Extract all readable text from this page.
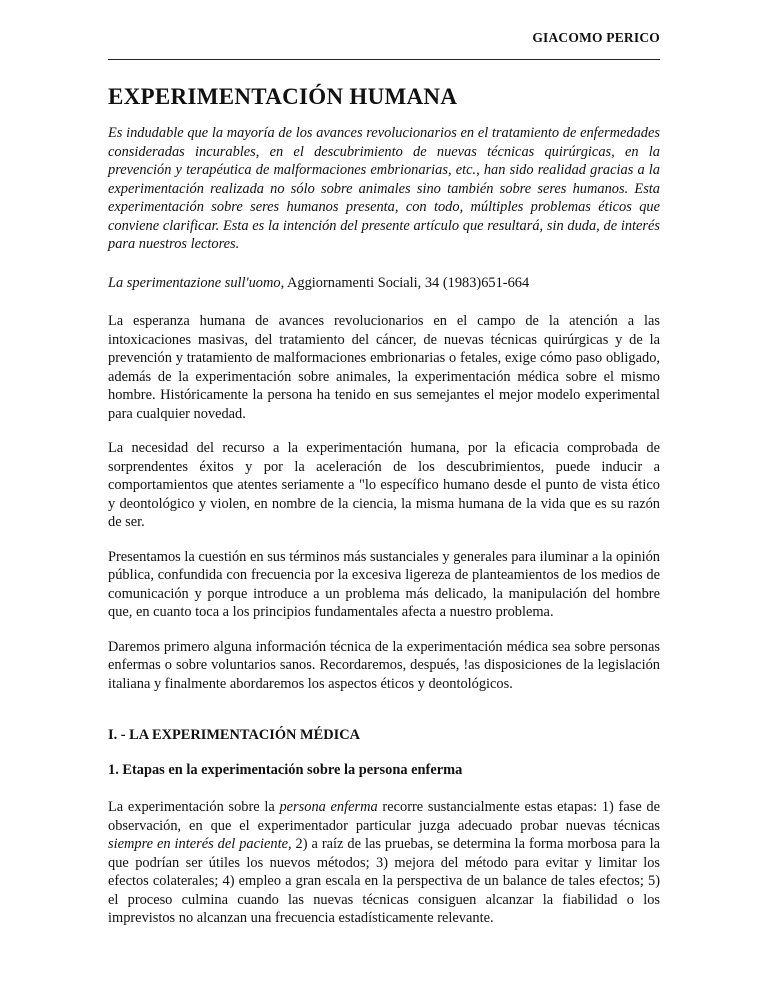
GIACOMO PERICO
EXPERIMENTACIÓN HUMANA

Es indudable que la mayoría de los avances revolucionarios en el tratamiento de enfermedades consideradas incurables, en el descubrimiento de nuevas técnicas quirúrgicas, en la prevención y terapéutica de malformaciones embrionarias, etc., han sido realidad gracias a la experimentación realizada no sólo sobre animales sino también sobre seres humanos. Esta experimentación sobre seres humanos presenta, con todo, múltiples problemas éticos que conviene clarificar. Esta es la intención del presente artículo que resultará, sin duda, de interés para nuestros lectores.

La sperimentazione sull'uomo, Aggiornamenti Sociali, 34 (1983)651-664

La esperanza humana de avances revolucionarios en el campo de la atención a las intoxicaciones masivas, del tratamiento del cáncer, de nuevas técnicas quirúrgicas y de la prevención y tratamiento de malformaciones embrionarias o fetales, exige cómo paso obligado, además de la experimentación sobre animales, la experimentación médica sobre el mismo hombre. Históricamente la persona ha tenido en sus semejantes el mejor modelo experimental para cualquier novedad.

La necesidad del recurso a la experimentación humana, por la eficacia comprobada de sorprendentes éxitos y por la aceleración de los descubrimientos, puede inducir a comportamientos que atentes seriamente a "lo específico humano desde el punto de vista ético y deontológico y violen, en nombre de la ciencia, la misma humana de la vida que es su razón de ser.

Presentamos la cuestión en sus términos más sustanciales y generales para iluminar a la opinión pública, confundida con frecuencia por la excesiva ligereza de planteamientos de los medios de comunicación y porque introduce a un problema más delicado, la manipulación del hombre que, en cuanto toca a los principios fundamentales afecta a nuestro problema.

Daremos primero alguna información técnica de la experimentación médica sea sobre personas enfermas o sobre voluntarios sanos. Recordaremos, después, !as disposiciones de la legislación italiana y finalmente abordaremos los aspectos éticos y deontológicos.

I. - LA EXPERIMENTACIÓN MÉDICA
1. Etapas en la experimentación sobre la persona enferma

La experimentación sobre la persona enferma recorre sustancialmente estas etapas: 1) fase de observación, en que el experimentador particular juzga adecuado probar nuevas técnicas siempre en interés del paciente, 2) a raíz de las pruebas, se determina la forma morbosa para la que podrían ser útiles los nuevos métodos; 3) mejora del método para evitar y limitar los efectos colaterales; 4) empleo a gran escala en la perspectiva de un balance de tales efectos; 5) el proceso culmina cuando las nuevas técnicas consiguen alcanzar la fiabilidad o los imprevistos no alcanzan una frecuencia estadísticamente relevante.
